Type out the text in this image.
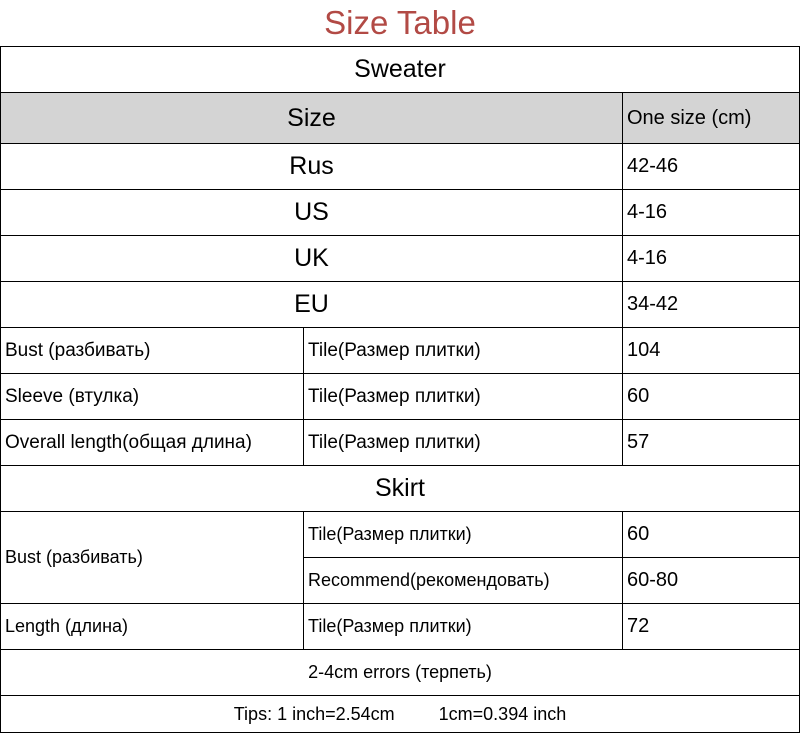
Size Table
Sweater		
Size		One size (cm)
Rus		42-46
US		4-16
UK		4-16
EU		34-42
Bust (разбивать)	Tile(Размер плитки)	104
Sleeve (втулка)	Tile(Размер плитки)	60
Overall length(общая длина)	Tile(Размер плитки)	57
Skirt		
Bust (разбивать)	Tile(Размер плитки)	60
	Recommend(рекомендовать)	60-80
Length (длина)	Tile(Размер плитки)	72
2-4cm errors (терпеть)		
Tips: 1 inch=2.54cm 1cm=0.394 inch		
